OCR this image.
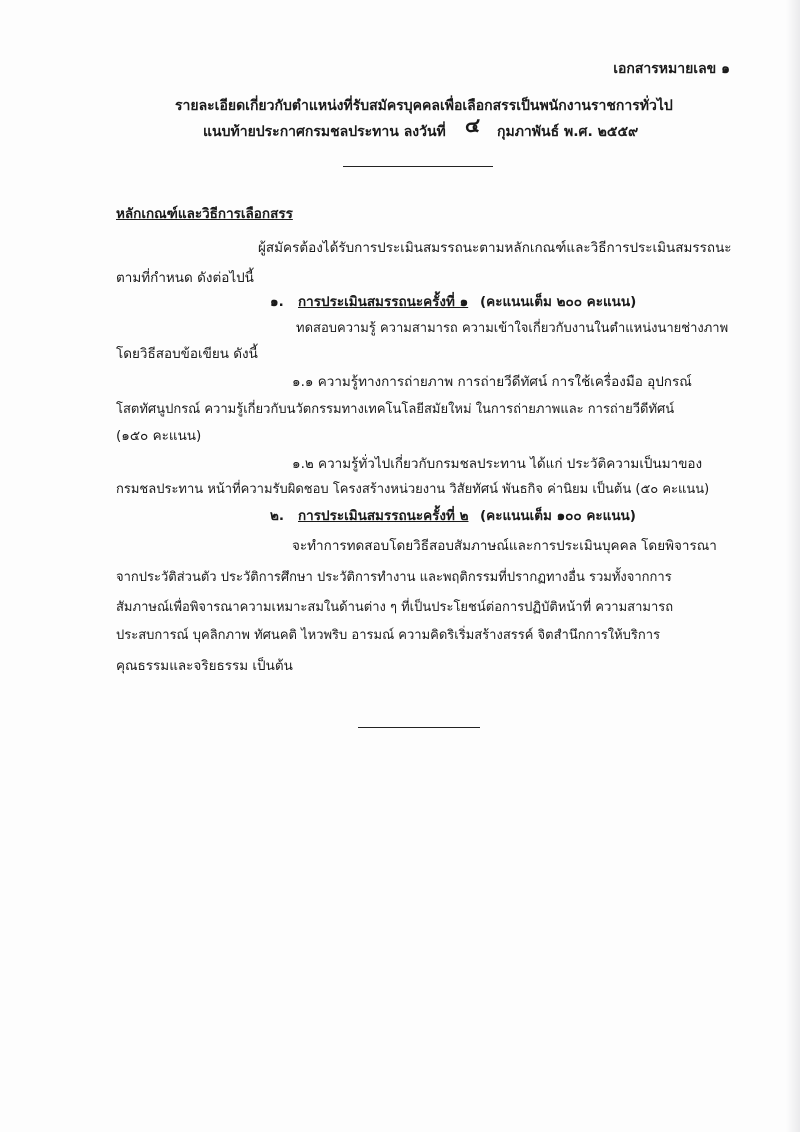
เอกสารหมายเลข ๑
รายละเอียดเกี่ยวกับตำแหน่งที่รับสมัครบุคคลเพื่อเลือกสรรเป็นพนักงานราชการทั่วไป
แนบท้ายประกาศกรมชลประทาน ลงวันที่ ๔ กุมภาพันธ์ พ.ศ. ๒๕๕๙
หลักเกณฑ์และวิธีการเลือกสรร
ผู้สมัครต้องได้รับการประเมินสมรรถนะตามหลักเกณฑ์และวิธีการประเมินสมรรถนะ
ตามที่กำหนด ดังต่อไปนี้
๑. การประเมินสมรรถนะครั้งที่ ๑ (คะแนนเต็ม ๒๐๐ คะแนน)
ทดสอบความรู้ ความสามารถ ความเข้าใจเกี่ยวกับงานในตำแหน่งนายช่างภาพ
โดยวิธีสอบข้อเขียน ดังนี้
๑.๑ ความรู้ทางการถ่ายภาพ การถ่ายวีดีทัศน์ การใช้เครื่องมือ อุปกรณ์
โสตทัศนูปกรณ์ ความรู้เกี่ยวกับนวัตกรรมทางเทคโนโลยีสมัยใหม่ ในการถ่ายภาพและ การถ่ายวีดีทัศน์
(๑๕๐ คะแนน)
๑.๒ ความรู้ทั่วไปเกี่ยวกับกรมชลประทาน ได้แก่ ประวัติความเป็นมาของ
กรมชลประทาน หน้าที่ความรับผิดชอบ โครงสร้างหน่วยงาน วิสัยทัศน์ พันธกิจ ค่านิยม เป็นต้น (๕๐ คะแนน)
๒. การประเมินสมรรถนะครั้งที่ ๒ (คะแนนเต็ม ๑๐๐ คะแนน)
จะทำการทดสอบโดยวิธีสอบสัมภาษณ์และการประเมินบุคคล โดยพิจารณา
จากประวัติส่วนตัว ประวัติการศึกษา ประวัติการทำงาน และพฤติกรรมที่ปรากฏทางอื่น รวมทั้งจากการ
สัมภาษณ์เพื่อพิจารณาความเหมาะสมในด้านต่าง ๆ ที่เป็นประโยชน์ต่อการปฏิบัติหน้าที่ ความสามารถ
ประสบการณ์ บุคลิกภาพ ทัศนคติ ไหวพริบ อารมณ์ ความคิดริเริ่มสร้างสรรค์ จิตสำนึกการให้บริการ
คุณธรรมและจริยธรรม เป็นต้น
